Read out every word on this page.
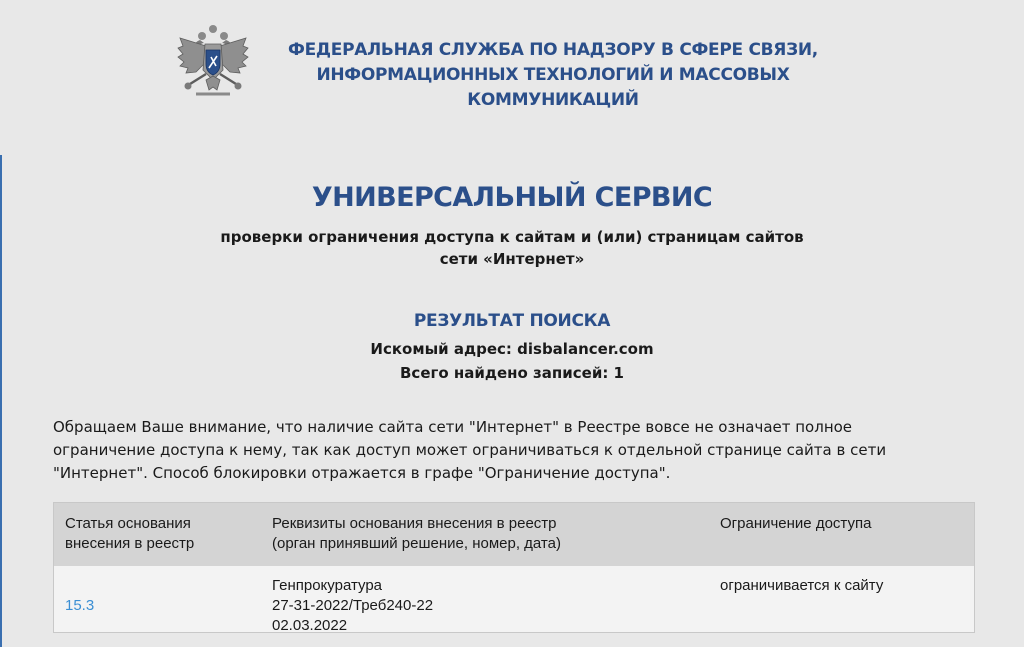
ФЕДЕРАЛЬНАЯ СЛУЖБА ПО НАДЗОРУ В СФЕРЕ СВЯЗИ,
ИНФОРМАЦИОННЫХ ТЕХНОЛОГИЙ И МАССОВЫХ КОММУНИКАЦИЙ
УНИВЕРСАЛЬНЫЙ СЕРВИС
проверки ограничения доступа к сайтам и (или) страницам сайтов
сети «Интернет»
РЕЗУЛЬТАТ ПОИСКА
Искомый адрес: disbalancer.com
Всего найдено записей: 1
Обращаем Ваше внимание, что наличие сайта сети "Интернет" в Реестре вовсе не означает полное
ограничение доступа к нему, так как доступ может ограничиваться к отдельной странице сайта в сети
"Интернет". Способ блокировки отражается в графе "Ограничение доступа".
Статья основания
внесения в реестр
Реквизиты основания внесения в реестр
(орган принявший решение, номер, дата)
Ограничение доступа

15.3

Генпрокуратура
27-31-2022/Треб240-22
02.03.2022
ограничивается к сайту
